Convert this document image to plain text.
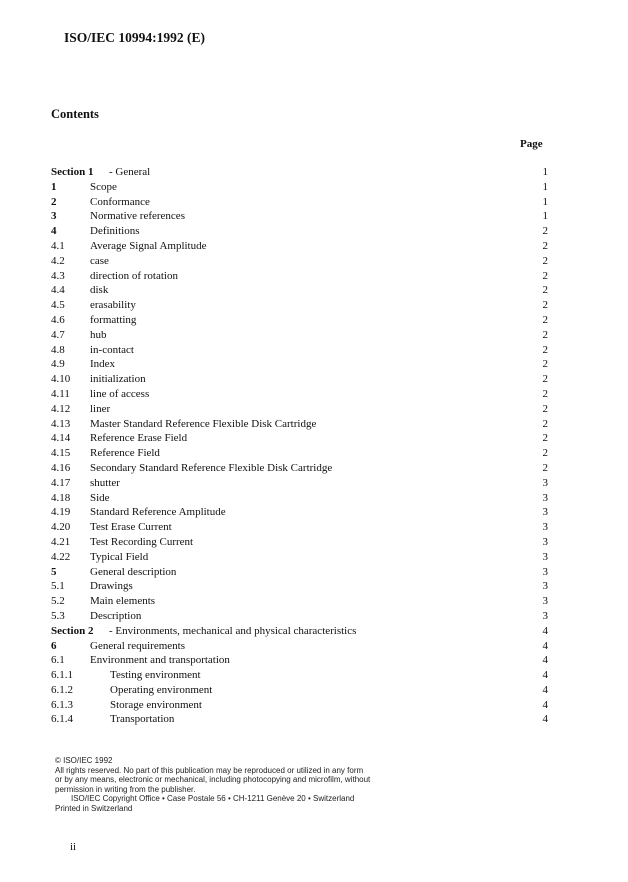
ISO/IEC 10994:1992 (E)
Contents
Page
Section 1 - General	1
1	Scope	1
2	Conformance	1
3	Normative references	1
4	Definitions	2
4.1 Average Signal Amplitude	2
4.2 case	2
4.3 direction of rotation	2
4.4 disk	2
4.5 erasability	2
4.6 formatting	2
4.7 hub	2
4.8 in-contact	2
4.9 Index	2
4.10 initialization	2
4.11 line of access	2
4.12 liner	2
4.13 Master Standard Reference Flexible Disk Cartridge	2
4.14 Reference Erase Field	2
4.15 Reference Field	2
4.16 Secondary Standard Reference Flexible Disk Cartridge	2
4.17 shutter	3
4.18 Side	3
4.19 Standard Reference Amplitude	3
4.20 Test Erase Current	3
4.21 Test Recording Current	3
4.22 Typical Field	3
5	General description	3
5.1 Drawings	3
5.2 Main elements	3
5.3 Description	3
Section 2 - Environments, mechanical and physical characteristics	4
6	General requirements	4
6.1 Environment and transportation	4
6.1.1	Testing environment	4
6.1.2	Operating environment	4
6.1.3	Storage environment	4
6.1.4	Transportation	4

© ISO/IEC 1992

All rights reserved. No part of this publication may be reproduced or utilized in any form

or by any means, electronic or mechanical, including photocopying and microfilm, without

permission in writing from the publisher.

ISO/IEC Copyright Office • Case Postale 56 • CH-1211 Genève 20 • Switzerland

Printed in Switzerland

ii
